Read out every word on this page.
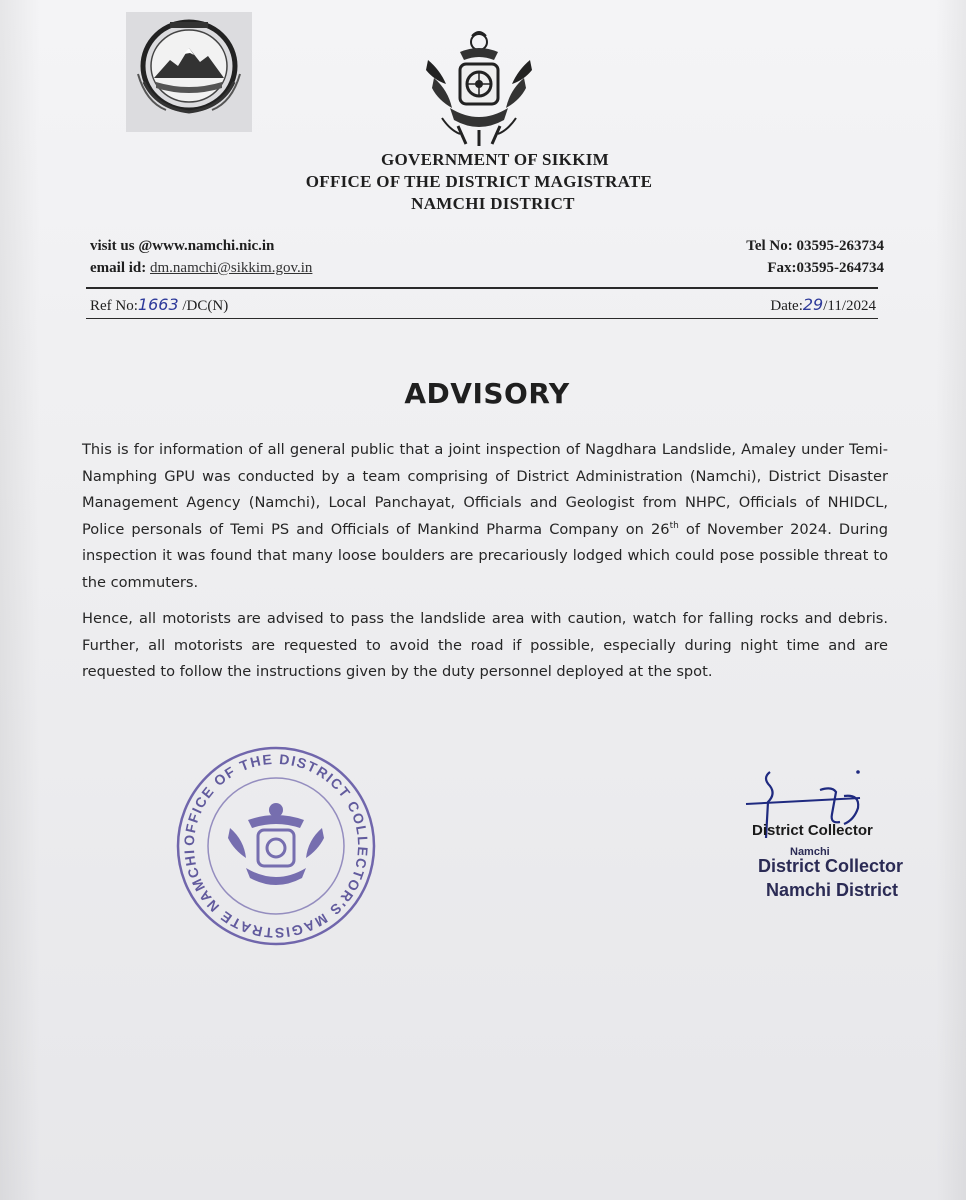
GOVERNMENT OF SIKKIM
OFFICE OF THE DISTRICT MAGISTRATE
NAMCHI DISTRICT
visit us @www.namchi.nic.in
email id: dm.namchi@sikkim.gov.in
Tel No: 03595-263734
Fax:03595-264734
Ref No:1663 /DC(N)	Date:29/11/2024
ADVISORY
This is for information of all general public that a joint inspection of Nagdhara Landslide, Amaley under Temi-Namphing GPU was conducted by a team comprising of District Administration (Namchi), District Disaster Management Agency (Namchi), Local Panchayat, Officials and Geologist from NHPC, Officials of NHIDCL, Police personals of Temi PS and Officials of Mankind Pharma Company on 26th of November 2024. During inspection it was found that many loose boulders are precariously lodged which could pose possible threat to the commuters.
Hence, all motorists are advised to pass the landslide area with caution, watch for falling rocks and debris. Further, all motorists are requested to avoid the road if possible, especially during night time and are requested to follow the instructions given by the duty personnel deployed at the spot.
OFFICE OF THE DISTRICT COLLECTOR'S MAGISTRATE NAMCHI
District Collector
Namchi
District Collector
Namchi District
